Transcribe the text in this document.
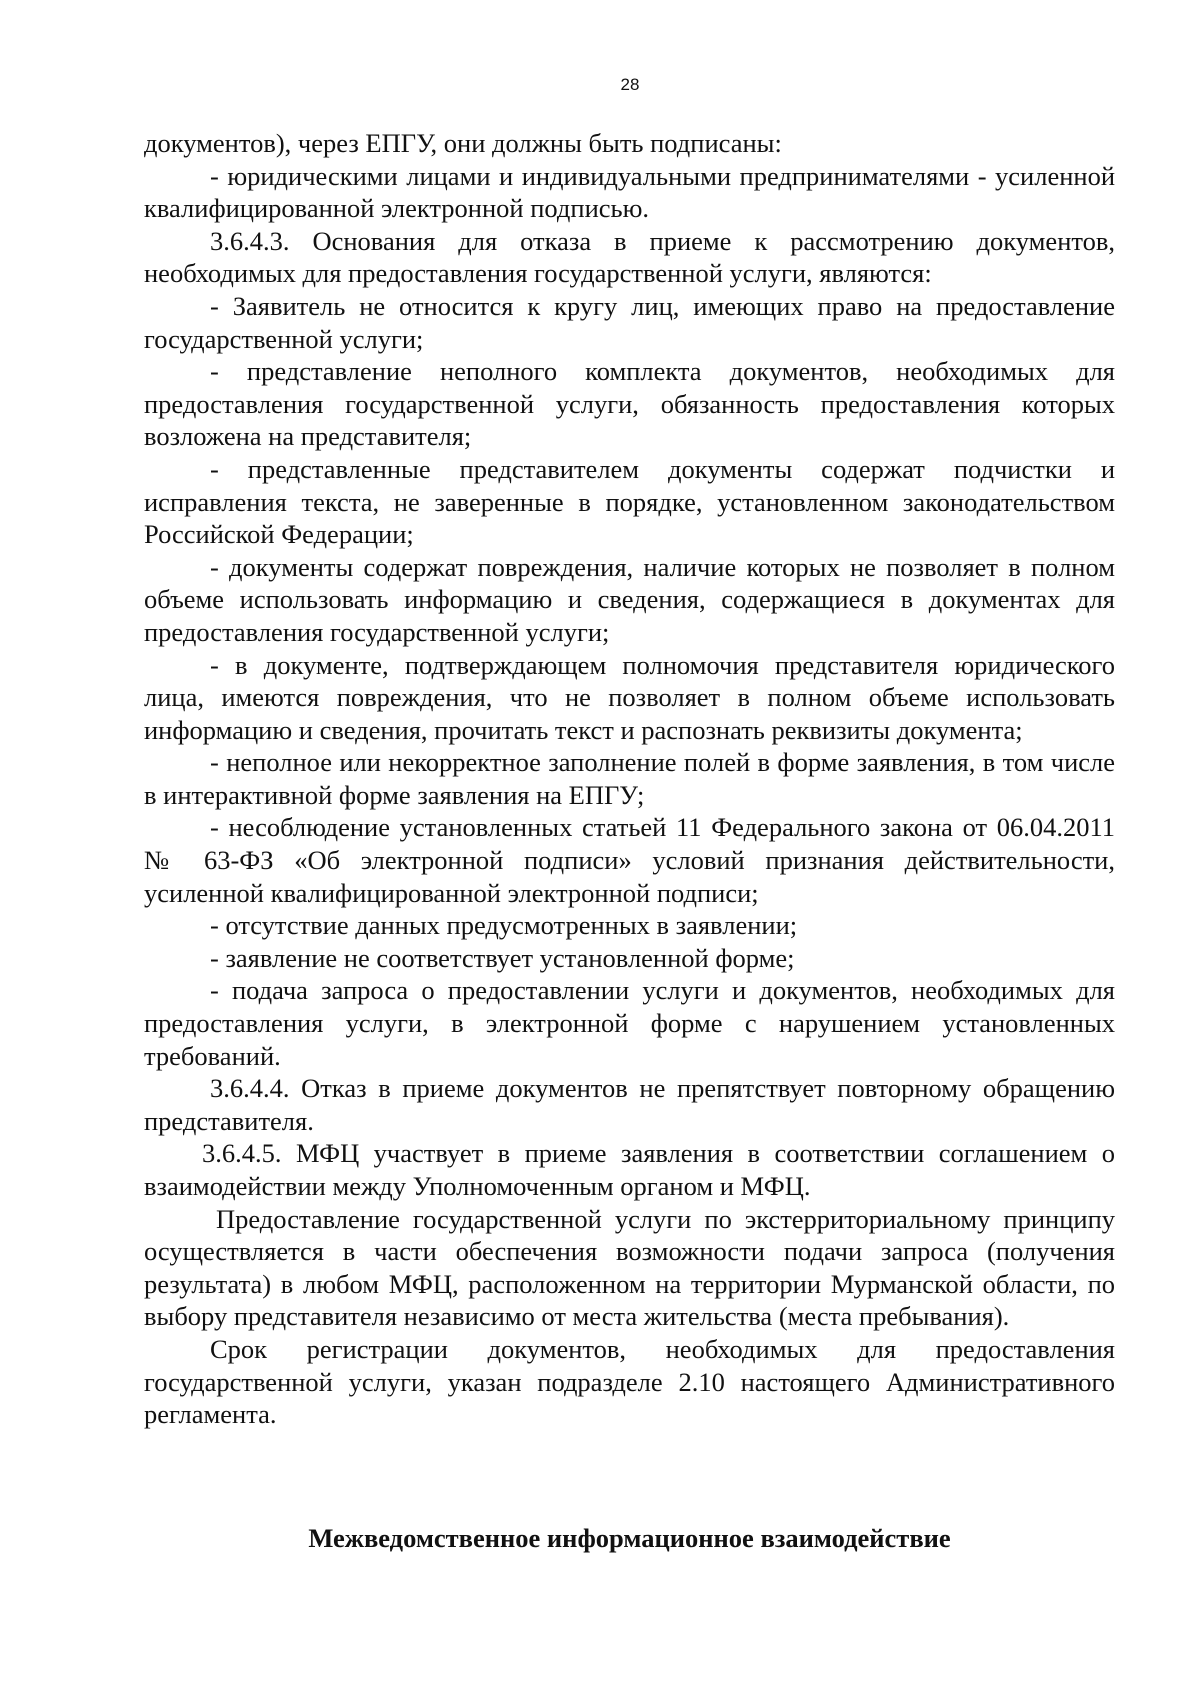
28

документов), через ЕПГУ, они должны быть подписаны:

- юридическими лицами и индивидуальными предпринимателями - усиленной квалифицированной электронной подписью.

3.6.4.3. Основания для отказа в приеме к рассмотрению документов, необходимых для предоставления государственной услуги, являются:

- Заявитель не относится к кругу лиц, имеющих право на предоставление государственной услуги;

- представление неполного комплекта документов, необходимых для предоставления государственной услуги, обязанность предоставления которых возложена на представителя;

- представленные представителем документы содержат подчистки и исправления текста, не заверенные в порядке, установленном законодательством Российской Федерации;

- документы содержат повреждения, наличие которых не позволяет в полном объеме использовать информацию и сведения, содержащиеся в документах для предоставления государственной услуги;

- в документе, подтверждающем полномочия представителя юридического лица, имеются повреждения, что не позволяет в полном объеме использовать информацию и сведения, прочитать текст и распознать реквизиты документа;

- неполное или некорректное заполнение полей в форме заявления, в том числе в интерактивной форме заявления на ЕПГУ;

- несоблюдение установленных статьей 11 Федерального закона от 06.04.2011 № 63-ФЗ «Об электронной подписи» условий признания действительности, усиленной квалифицированной электронной подписи;

- отсутствие данных предусмотренных в заявлении;

- заявление не соответствует установленной форме;

- подача запроса о предоставлении услуги и документов, необходимых для предоставления услуги, в электронной форме с нарушением установленных требований.

3.6.4.4. Отказ в приеме документов не препятствует повторному обращению представителя.

3.6.4.5. МФЦ участвует в приеме заявления в соответствии соглашением о взаимодействии между Уполномоченным органом и МФЦ.

Предоставление государственной услуги по экстерриториальному принципу осуществляется в части обеспечения возможности подачи запроса (получения результата) в любом МФЦ, расположенном на территории Мурманской области, по выбору представителя независимо от места жительства (места пребывания).

Срок регистрации документов, необходимых для предоставления государственной услуги, указан подразделе 2.10 настоящего Административного регламента.

Межведомственное информационное взаимодействие
